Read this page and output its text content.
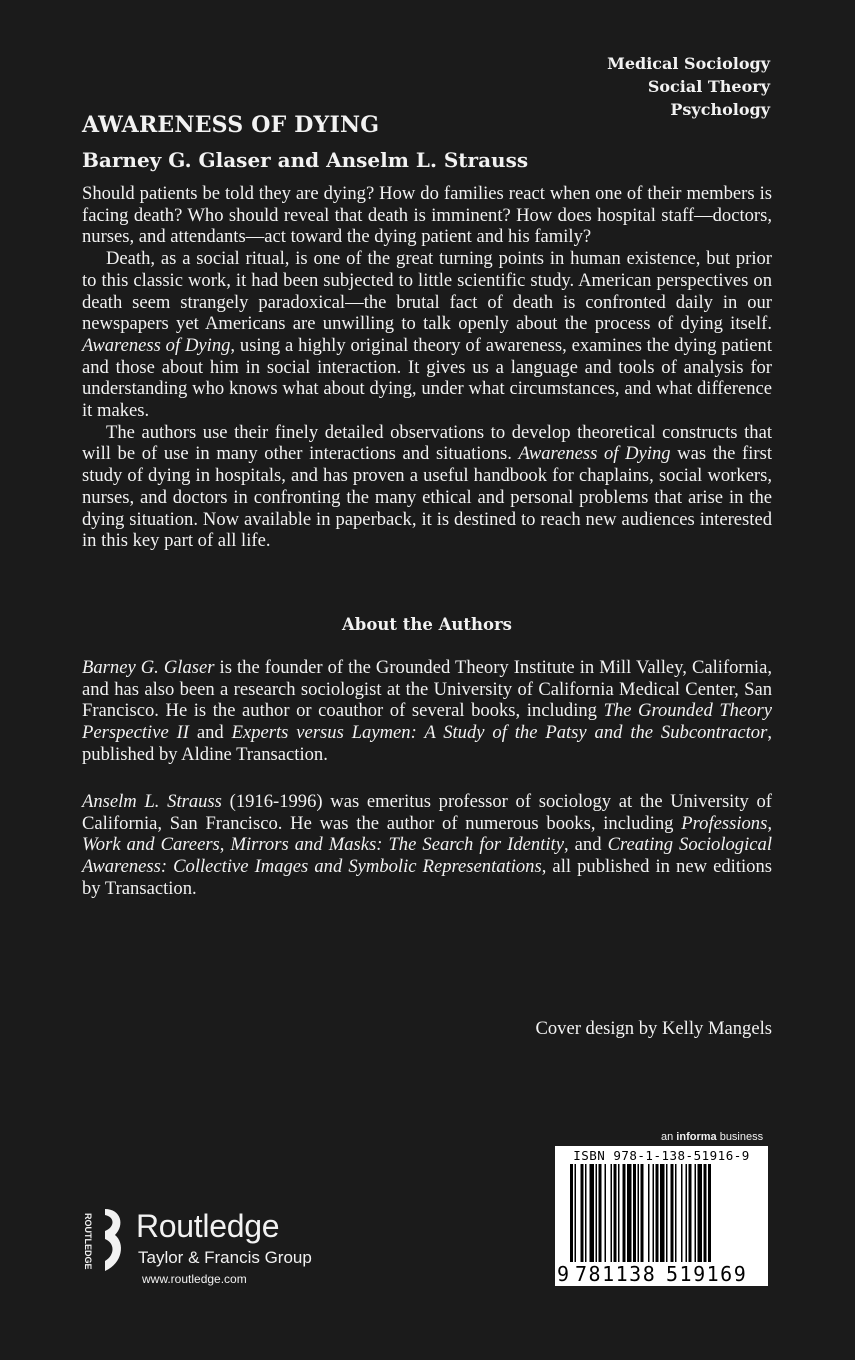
Medical Sociology
Social Theory
Psychology
AWARENESS OF DYING
Barney G. Glaser and Anselm L. Strauss

Should patients be told they are dying? How do families react when one of their members is facing death? Who should reveal that death is imminent? How does hospital staff—doctors, nurses, and attendants—act toward the dying patient and his family?

Death, as a social ritual, is one of the great turning points in human existence, but prior to this classic work, it had been subjected to little scientific study. American perspectives on death seem strangely paradoxical—the brutal fact of death is confronted daily in our newspapers yet Americans are unwilling to talk openly about the process of dying itself. Awareness of Dying, using a highly original theory of awareness, examines the dying patient and those about him in social interaction. It gives us a language and tools of analysis for understanding who knows what about dying, under what circumstances, and what difference it makes.

The authors use their finely detailed observations to develop theoretical constructs that will be of use in many other interactions and situations. Awareness of Dying was the first study of dying in hospitals, and has proven a useful handbook for chaplains, social workers, nurses, and doctors in confronting the many ethical and personal problems that arise in the dying situation. Now available in paperback, it is destined to reach new audiences interested in this key part of all life.

About the Authors

Barney G. Glaser is the founder of the Grounded Theory Institute in Mill Valley, California, and has also been a research sociologist at the University of California Medical Center, San Francisco. He is the author or coauthor of several books, including The Grounded Theory Perspective II and Experts versus Laymen: A Study of the Patsy and the Subcontractor, published by Aldine Transaction.

Anselm L. Strauss (1916-1996) was emeritus professor of sociology at the University of California, San Francisco. He was the author of numerous books, including Professions, Work and Careers, Mirrors and Masks: The Search for Identity, and Creating Sociological Awareness: Collective Images and Symbolic Representations, all published in new editions by Transaction.

Cover design by Kelly Mangels
an informa business
ISBN 978-1-138-51916-9
9 781138 519169
ROUTLEDGE Routledge
Taylor & Francis Group
www.routledge.com
